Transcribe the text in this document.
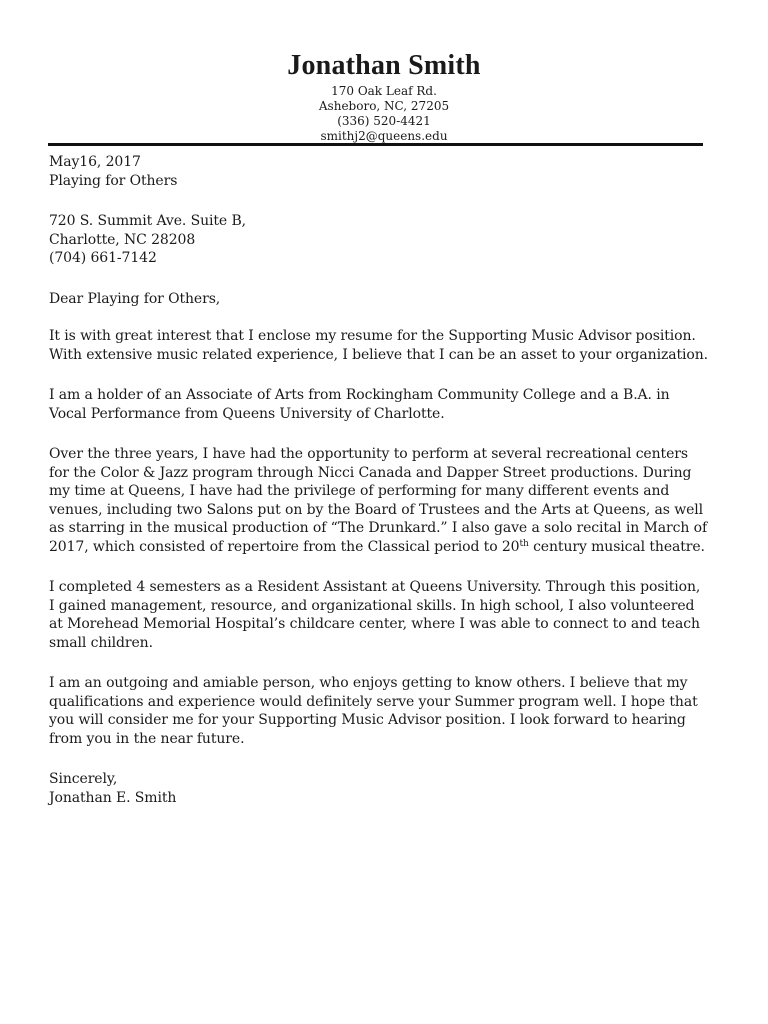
Jonathan Smith
170 Oak Leaf Rd.
Asheboro, NC, 27205
(336) 520-4421
smithj2@queens.edu
May16, 2017
Playing for Others
720 S. Summit Ave. Suite B,
Charlotte, NC 28208
(704) 661-7142
Dear Playing for Others,

It is with great interest that I enclose my resume for the Supporting Music Advisor position. With extensive music related experience, I believe that I can be an asset to your organization.

I am a holder of an Associate of Arts from Rockingham Community College and a B.A. in Vocal Performance from Queens University of Charlotte.

Over the three years, I have had the opportunity to perform at several recreational centers for the Color & Jazz program through Nicci Canada and Dapper Street productions. During my time at Queens, I have had the privilege of performing for many different events and venues, including two Salons put on by the Board of Trustees and the Arts at Queens, as well as starring in the musical production of “The Drunkard.” I also gave a solo recital in March of 2017, which consisted of repertoire from the Classical period to 20th century musical theatre.

I completed 4 semesters as a Resident Assistant at Queens University. Through this position, I gained management, resource, and organizational skills. In high school, I also volunteered at Morehead Memorial Hospital’s childcare center, where I was able to connect to and teach small children.

I am an outgoing and amiable person, who enjoys getting to know others. I believe that my qualifications and experience would definitely serve your Summer program well. I hope that you will consider me for your Supporting Music Advisor position. I look forward to hearing from you in the near future.

Sincerely,
Jonathan E. Smith
